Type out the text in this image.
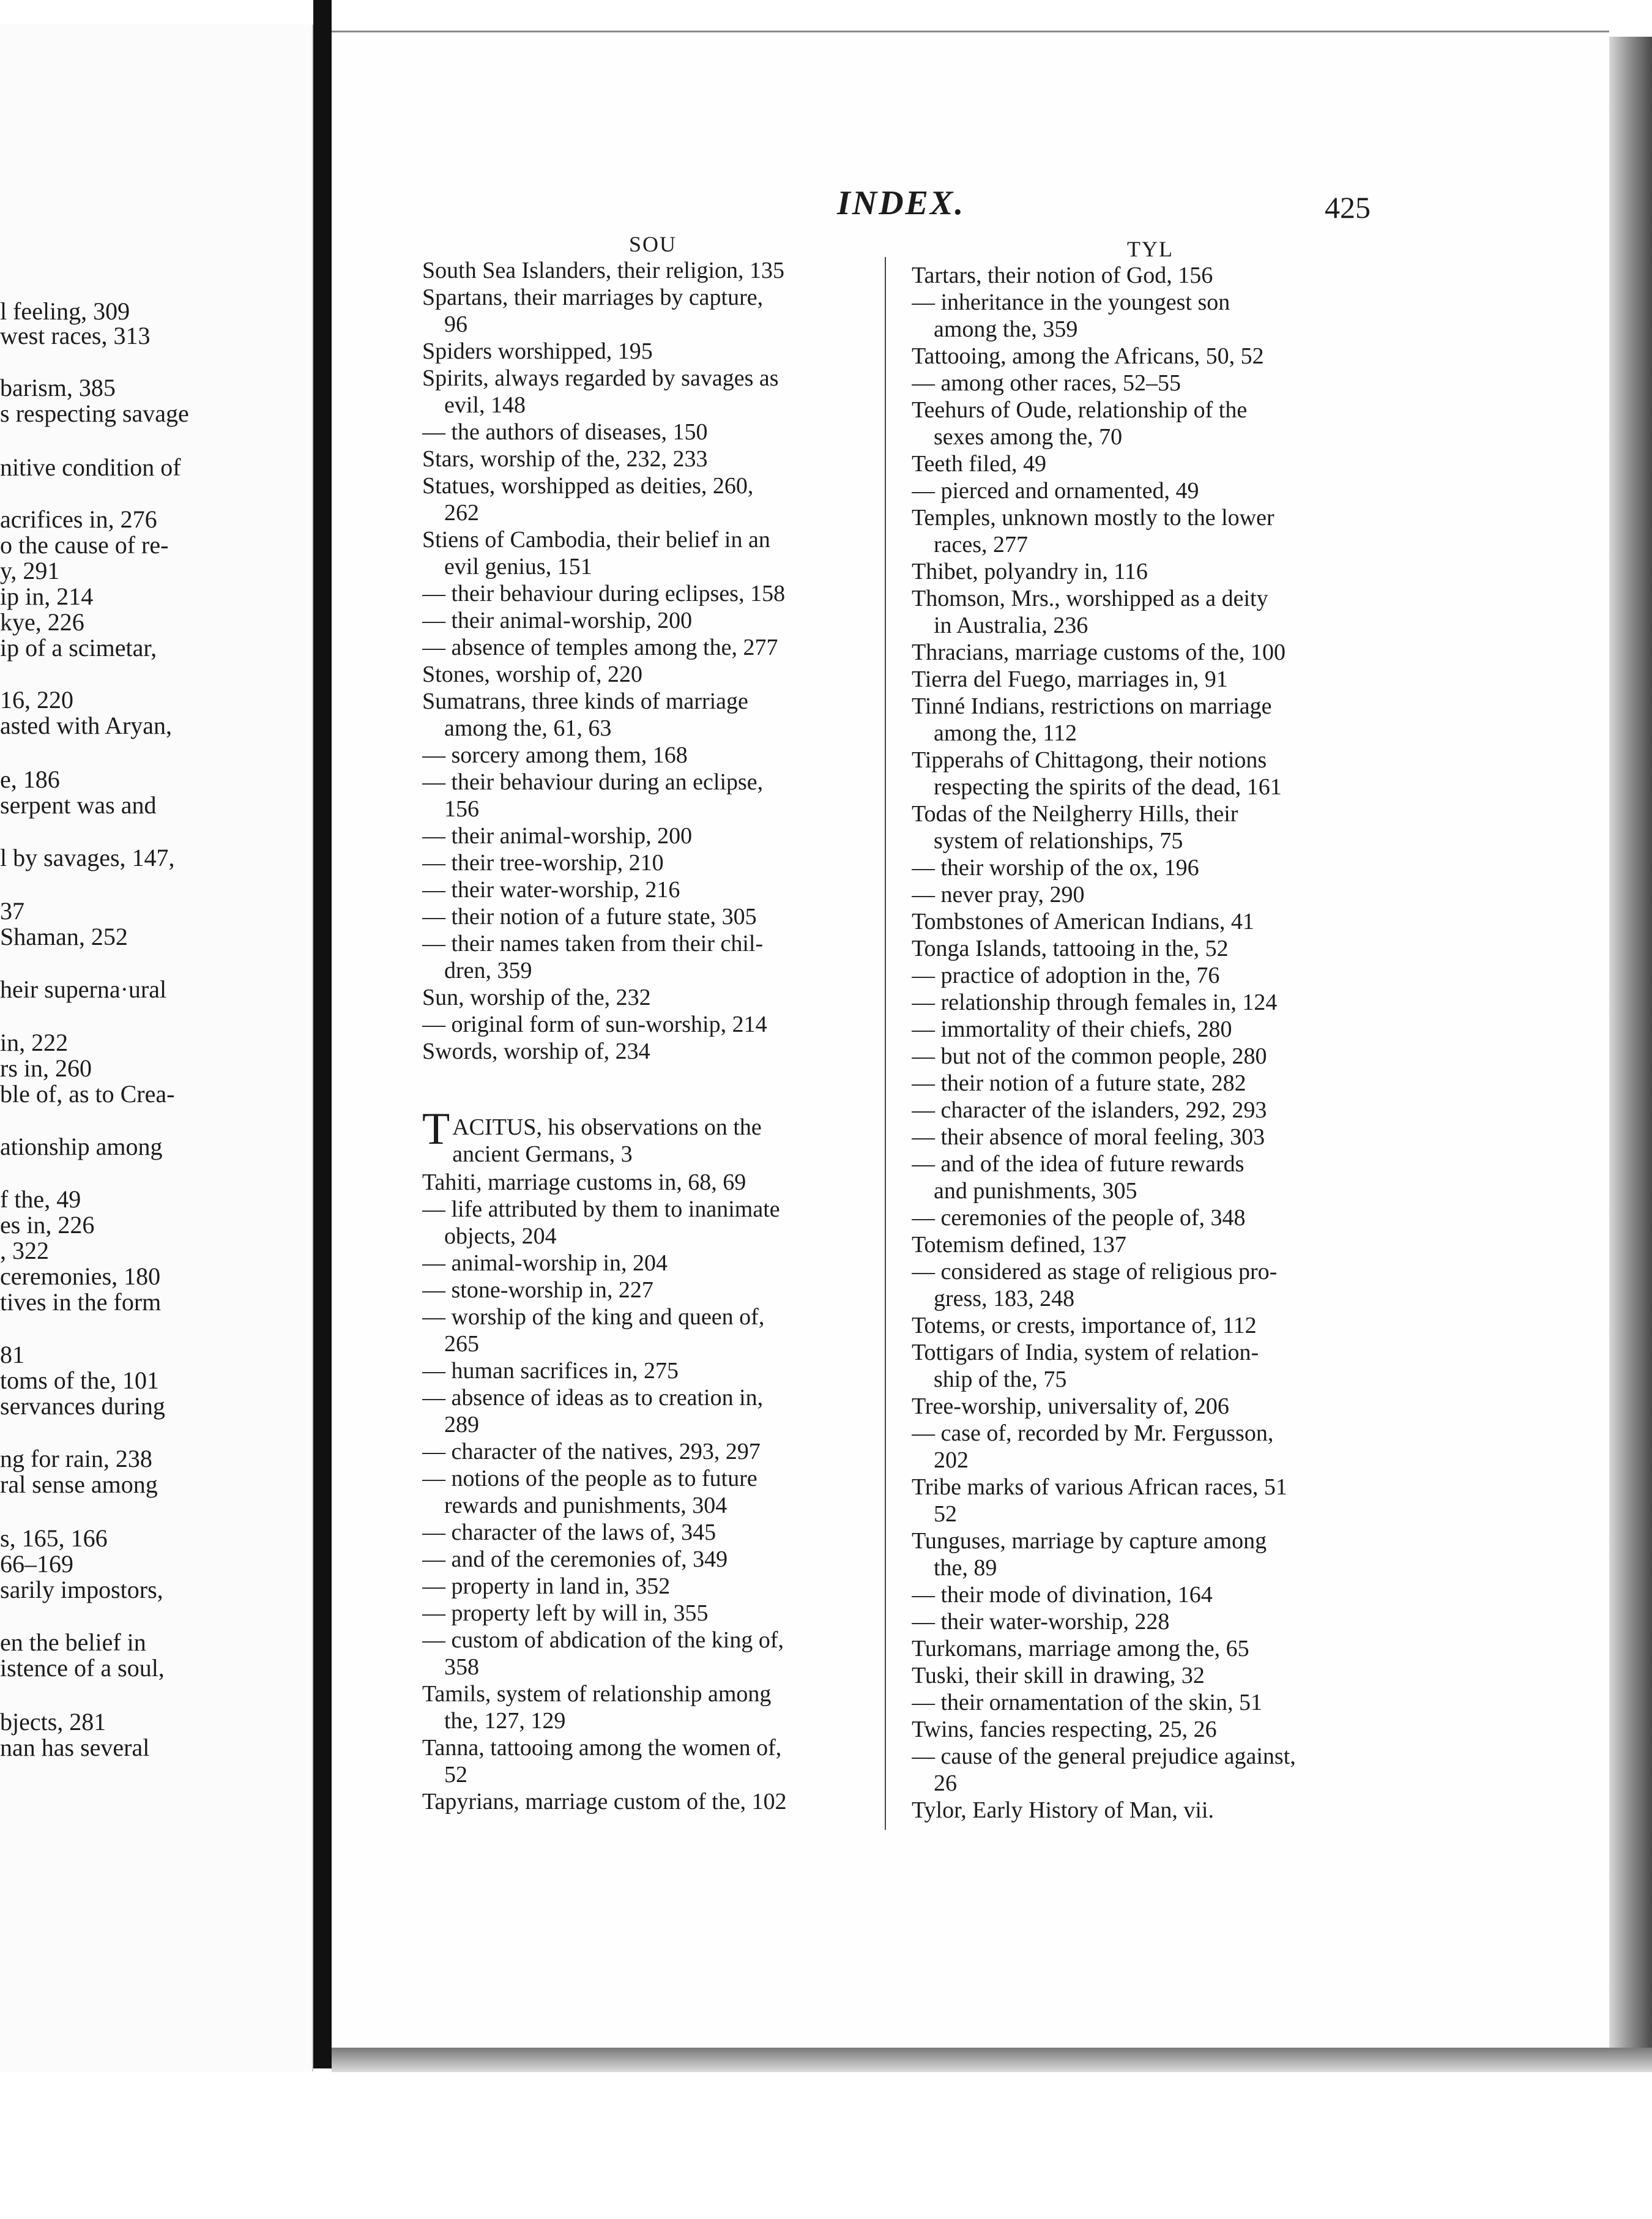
l feeling, 309
west races, 313
barism, 385
s respecting savage
nitive condition of
acrifices in, 276
o the cause of re-
y, 291
ip in, 214
kye, 226
ip of a scimetar,
16, 220
asted with Aryan,
e, 186
serpent was and
l by savages, 147,
37
Shaman, 252
heir superna·ural
in, 222
rs in, 260
ble of, as to Crea-
ationship among
f the, 49
es in, 226
, 322
ceremonies, 180
tives in the form
81
toms of the, 101
servances during
ng for rain, 238
ral sense among
s, 165, 166
66–169
sarily impostors,
en the belief in
istence of a soul,
bjects, 281
nan has several
INDEX.	425
SOU	TYL
South Sea Islanders, their religion, 135
Spartans, their marriages by capture,
96
Spiders worshipped, 195
Spirits, always regarded by savages as
evil, 148
— the authors of diseases, 150
Stars, worship of the, 232, 233
Statues, worshipped as deities, 260,
262
Stiens of Cambodia, their belief in an
evil genius, 151
— their behaviour during eclipses, 158
— their animal-worship, 200
— absence of temples among the, 277
Stones, worship of, 220
Sumatrans, three kinds of marriage
among the, 61, 63
— sorcery among them, 168
— their behaviour during an eclipse,
156
— their animal-worship, 200
— their tree-worship, 210
— their water-worship, 216
— their notion of a future state, 305
— their names taken from their chil-
dren, 359
Sun, worship of the, 232
— original form of sun-worship, 214
Swords, worship of, 234
T ACITUS, his observations on the
ancient Germans, 3
Tahiti, marriage customs in, 68, 69
— life attributed by them to inanimate
objects, 204
— animal-worship in, 204
— stone-worship in, 227
— worship of the king and queen of,
265
— human sacrifices in, 275
— absence of ideas as to creation in,
289
— character of the natives, 293, 297
— notions of the people as to future
rewards and punishments, 304
— character of the laws of, 345
— and of the ceremonies of, 349
— property in land in, 352
— property left by will in, 355
— custom of abdication of the king of,
358
Tamils, system of relationship among
the, 127, 129
Tanna, tattooing among the women of,
52
Tapyrians, marriage custom of the, 102
Tartars, their notion of God, 156
— inheritance in the youngest son
among the, 359
Tattooing, among the Africans, 50, 52
— among other races, 52–55
Teehurs of Oude, relationship of the
sexes among the, 70
Teeth filed, 49
— pierced and ornamented, 49
Temples, unknown mostly to the lower
races, 277
Thibet, polyandry in, 116
Thomson, Mrs., worshipped as a deity
in Australia, 236
Thracians, marriage customs of the, 100
Tierra del Fuego, marriages in, 91
Tinné Indians, restrictions on marriage
among the, 112
Tipperahs of Chittagong, their notions
respecting the spirits of the dead, 161
Todas of the Neilgherry Hills, their
system of relationships, 75
— their worship of the ox, 196
— never pray, 290
Tombstones of American Indians, 41
Tonga Islands, tattooing in the, 52
— practice of adoption in the, 76
— relationship through females in, 124
— immortality of their chiefs, 280
— but not of the common people, 280
— their notion of a future state, 282
— character of the islanders, 292, 293
— their absence of moral feeling, 303
— and of the idea of future rewards
and punishments, 305
— ceremonies of the people of, 348
Totemism defined, 137
— considered as stage of religious pro-
gress, 183, 248
Totems, or crests, importance of, 112
Tottigars of India, system of relation-
ship of the, 75
Tree-worship, universality of, 206
— case of, recorded by Mr. Fergusson,
202
Tribe marks of various African races, 51
52
Tunguses, marriage by capture among
the, 89
— their mode of divination, 164
— their water-worship, 228
Turkomans, marriage among the, 65
Tuski, their skill in drawing, 32
— their ornamentation of the skin, 51
Twins, fancies respecting, 25, 26
— cause of the general prejudice against,
26
Tylor, Early History of Man, vii.
